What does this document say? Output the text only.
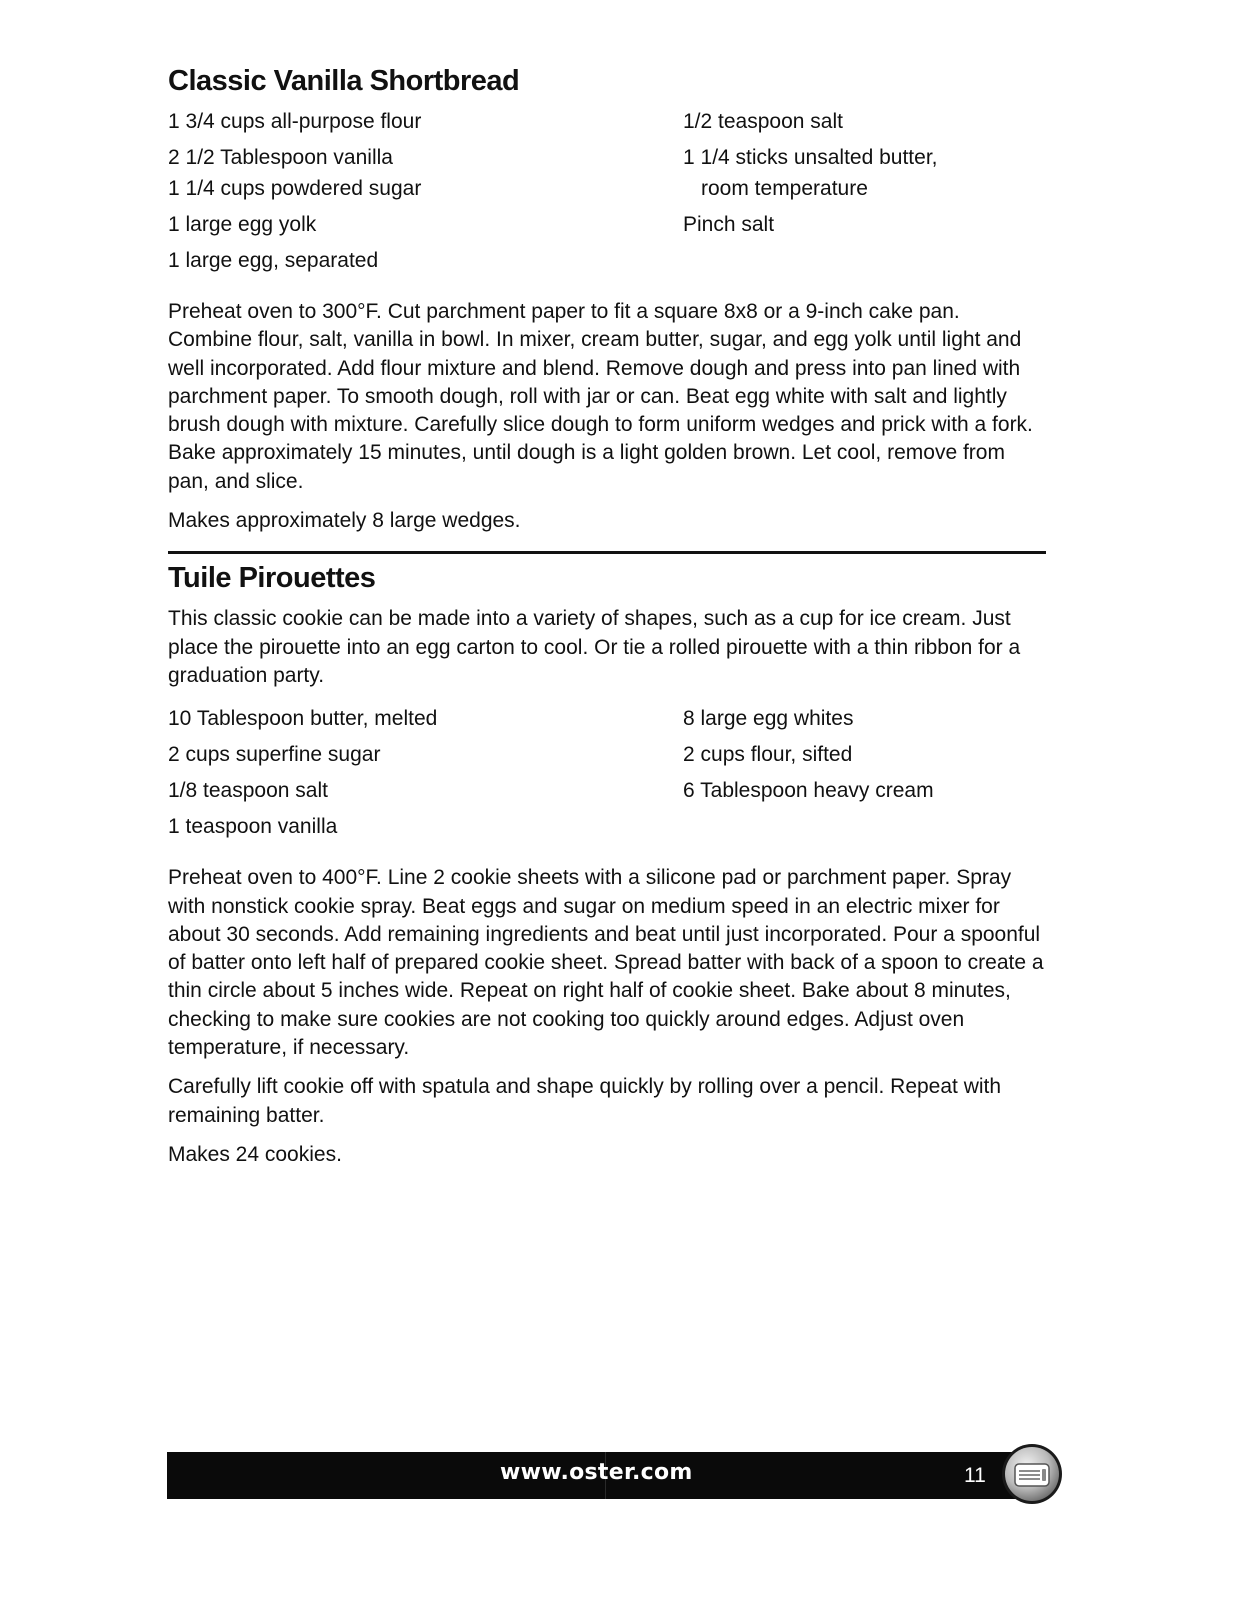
Classic Vanilla Shortbread
1 3/4 cups all-purpose flour
2 1/2 Tablespoon vanilla
1 1/4 cups powdered sugar
1 large egg yolk
1 large egg, separated
1/2 teaspoon salt
1 1/4 sticks unsalted butter,
room temperature
Pinch salt

Preheat oven to 300°F. Cut parchment paper to fit a square 8x8 or a 9-inch cake pan. Combine flour, salt, vanilla in bowl. In mixer, cream butter, sugar, and egg yolk until light and well incorporated. Add flour mixture and blend. Remove dough and press into pan lined with parchment paper. To smooth dough, roll with jar or can. Beat egg white with salt and lightly brush dough with mixture. Carefully slice dough to form uniform wedges and prick with a fork. Bake approximately 15 minutes, until dough is a light golden brown. Let cool, remove from pan, and slice.

Makes approximately 8 large wedges.

Tuile Pirouettes

This classic cookie can be made into a variety of shapes, such as a cup for ice cream. Just place the pirouette into an egg carton to cool. Or tie a rolled pirouette with a thin ribbon for a graduation party.

10 Tablespoon butter, melted
2 cups superfine sugar
1/8 teaspoon salt
1 teaspoon vanilla
8 large egg whites
2 cups flour, sifted
6 Tablespoon heavy cream

Preheat oven to 400°F. Line 2 cookie sheets with a silicone pad or parchment paper. Spray with nonstick cookie spray. Beat eggs and sugar on medium speed in an electric mixer for about 30 seconds. Add remaining ingredients and beat until just incorporated. Pour a spoonful of batter onto left half of prepared cookie sheet. Spread batter with back of a spoon to create a thin circle about 5 inches wide. Repeat on right half of cookie sheet. Bake about 8 minutes, checking to make sure cookies are not cooking too quickly around edges. Adjust oven temperature, if necessary.

Carefully lift cookie off with spatula and shape quickly by rolling over a pencil. Repeat with remaining batter.

Makes 24 cookies.

www.oster.com	11
